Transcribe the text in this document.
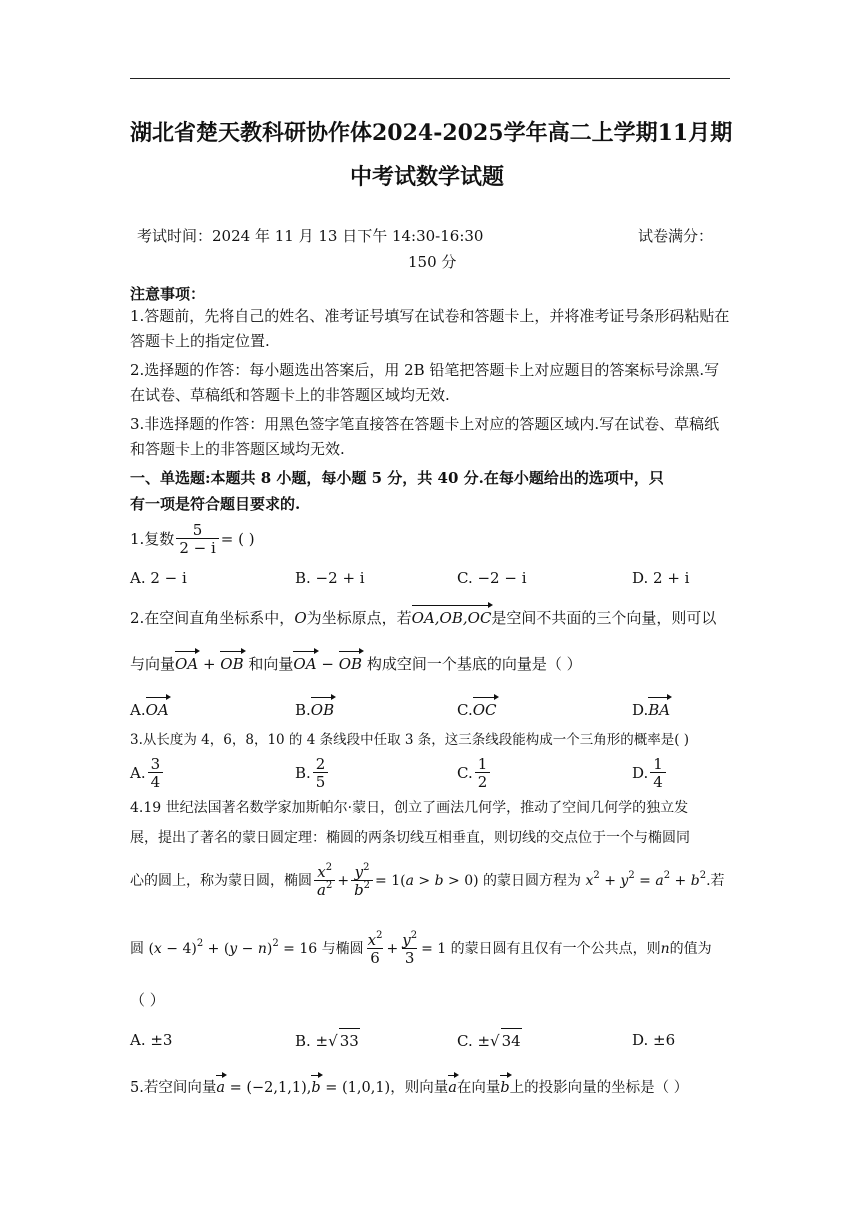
湖北省楚天教科研协作体2024-2025学年高二上学期11月期
中考试数学试题
考试时间：2024 年 11 月 13 日下午 14:30-16:30	试卷满分：
150 分
注意事项：
1.答题前，先将自己的姓名、准考证号填写在试卷和答题卡上，并将准考证号条形码粘贴在答题卡上的指定位置.
2.选择题的作答：每小题选出答案后，用 2B 铅笔把答题卡上对应题目的答案标号涂黑.写在试卷、草稿纸和答题卡上的非答题区域均无效.
3.非选择题的作答：用黑色签字笔直接答在答题卡上对应的答题区域内.写在试卷、草稿纸和答题卡上的非答题区域均无效.
一、单选题:本题共 8 小题，每小题 5 分，共 40 分.在每小题给出的选项中，只
有一项是符合题目要求的.
1.复数 $\frac{5}{2 - i}$ = ( )
A. 2 − i	B. −2 + i	C. −2 − i	D. 2 + i
2.在空间直角坐标系中，O为坐标原点，若OA,OB,OC是空间不共面的三个向量，则可以
与向量OA + OB 和向量OA − OB 构成空间一个基底的向量是（ ）
A.OA	B.OB	C.OC	D.BA
3.从长度为 4，6，8，10 的 4 条线段中任取 3 条，这三条线段能构成一个三角形的概率是( )
A. $\frac{3}{4}$	B. $\frac{2}{5}$	C. $\frac{1}{2}$	D. $\frac{1}{4}$
4.19 世纪法国著名数学家加斯帕尔·蒙日，创立了画法几何学，推动了空间几何学的独立发
展，提出了著名的蒙日圆定理：椭圆的两条切线互相垂直，则切线的交点位于一个与椭圆同
心的圆上，称为蒙日圆，椭圆 $\frac{x^2}{a^2} + \frac{y^2}{b^2} = 1(a > b > 0)$ 的蒙日圆方程为 $x^2 + y^2 = a^2 + b^2$ .若
圆 $(x - 4)^2 + (y - n)^2 = 16$ 与椭圆 $\frac{x^2}{6} + \frac{y^2}{3} = 1$ 的蒙日圆有且仅有一个公共点，则 n 的值为
（ ）
A. ±3	B. ±√ 33	C. ±√ 34	D. ±6
5.若空间向量a = (−2,1,1),b = (1,0,1)，则向量a在向量b上的投影向量的坐标是（ ）
